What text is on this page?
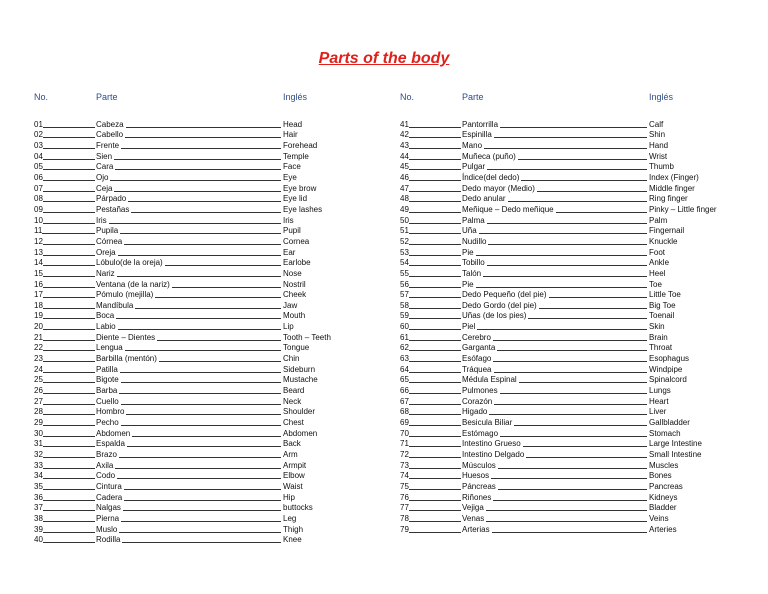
Parts of the body
No.	Parte	Inglés
01	Cabeza	Head
02	Cabello	Hair
03	Frente	Forehead
04	Sien	Temple
05	Cara	Face
06	Ojo	Eye
07	Ceja	Eye brow
08	Párpado	Eye lid
09	Pestañas	Eye lashes
10	Iris	Iris
11	Pupila	Pupil
12	Córnea	Cornea
13	Oreja	Ear
14	Lóbulo(de la oreja)	Earlobe
15	Nariz	Nose
16	Ventana (de la nariz)	Nostril
17	Pómulo (mejilla)	Cheek
18	Mandíbula	Jaw
19	Boca	Mouth
20	Labio	Lip
21	Diente – Dientes	Tooth – Teeth
22	Lengua	Tongue
23	Barbilla (mentón)	Chin
24	Patilla	Sideburn
25	Bigote	Mustache
26	Barba	Beard
27	Cuello	Neck
28	Hombro	Shoulder
29	Pecho	Chest
30	Abdomen	Abdomen
31	Espalda	Back
32	Brazo	Arm
33	Axila	Armpit
34	Codo	Elbow
35	Cintura	Waist
36	Cadera	Hip
37	Nalgas	buttocks
38	Pierna	Leg
39	Muslo	Thigh
40	Rodilla	Knee
No.	Parte	Inglés
41	Pantorrilla	Calf
42	Espinilla	Shin
43	Mano	Hand
44	Muñeca (puño)	Wrist
45	Pulgar	Thumb
46	Índice(del dedo)	Index (Finger)
47	Dedo mayor (Medio)	Middle finger
48	Dedo anular	Ring finger
49	Meñique – Dedo meñique	Pinky – Little finger
50	Palma	Palm
51	Uña	Fingernail
52	Nudillo	Knuckle
53	Pie	Foot
54	Tobillo	Ankle
55	Talón	Heel
56	Pie	Toe
57	Dedo Pequeño (del pie)	Little Toe
58	Dedo Gordo (del pie)	Big Toe
59	Uñas (de los pies)	Toenail
60	Piel	Skin
61	Cerebro	Brain
62	Garganta	Throat
63	Esófago	Esophagus
64	Tráquea	Windpipe
65	Médula Espinal	Spinalcord
66	Pulmones	Lungs
67	Corazón	Heart
68	Higado	Liver
69	Besicula Biliar	Gallbladder
70	Estómago	Stomach
71	Intestino Grueso	Large Intestine
72	Intestino Delgado	Small Intestine
73	Músculos	Muscles
74	Huesos	Bones
75	Páncreas	Pancreas
76	Riñones	Kidneys
77	Vejiga	Bladder
78	Venas	Veins
79	Arterias	Arteries
